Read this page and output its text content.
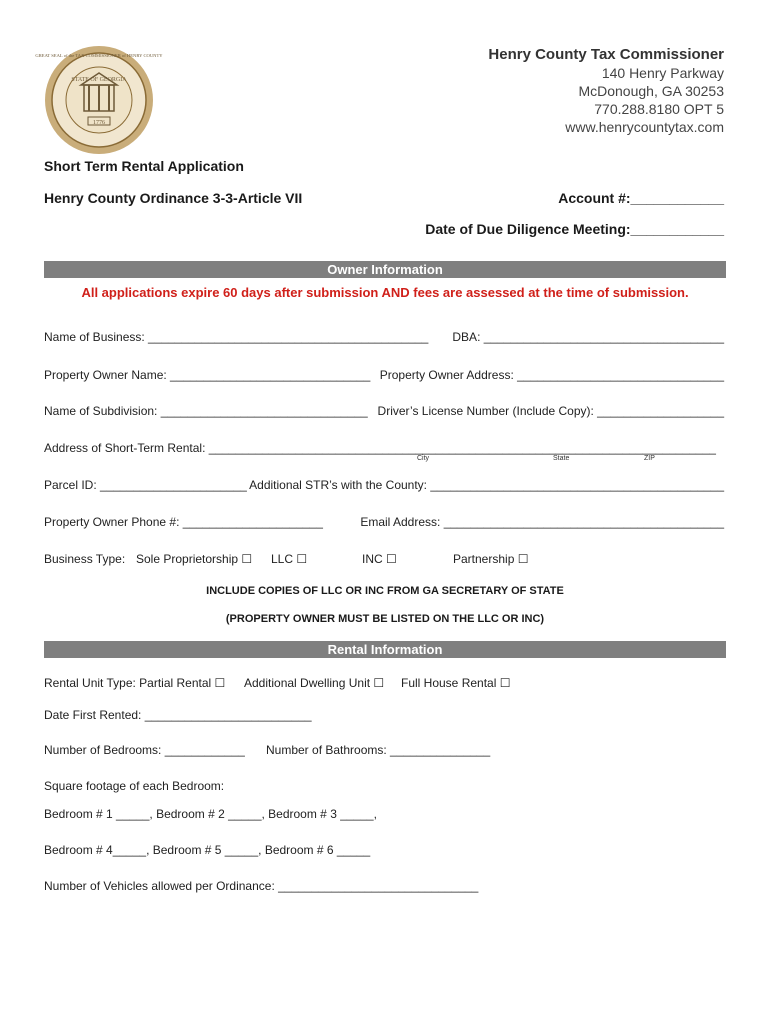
1776
STATE OF GEORGIA
GREAT SEAL of the TAX COMMISSIONER of HENRY COUNTY	Henry County Tax Commissioner
140 Henry Parkway
McDonough, GA 30253
770.288.8180 OPT 5
www.henrycountytax.com
Short Term Rental Application
Henry County Ordinance 3-3-Article VII	Account #:____________
Date of Due Diligence Meeting:____________
Owner Information
All applications expire 60 days after submission AND fees are assessed at the time of submission.
Name of Business: __________________________________________ DBA: ____________________________________
Property Owner Name: ______________________________ Property Owner Address: _______________________________
Name of Subdivision: _______________________________ Driver’s License Number (Include Copy): ___________________
Address of Short-Term Rental: ____________________________________________________________________________
City	State	ZIP
Parcel ID: ______________________ Additional STR’s with the County: ____________________________________________
Property Owner Phone #: _____________________	Email Address: __________________________________________
Business Type: Sole Proprietorship ☐ LLC ☐	INC ☐	Partnership ☐
INCLUDE COPIES OF LLC OR INC FROM GA SECRETARY OF STATE
(PROPERTY OWNER MUST BE LISTED ON THE LLC OR INC)
Rental Information
Rental Unit Type: Partial Rental ☐ Additional Dwelling Unit ☐ Full House Rental ☐
Date First Rented: _________________________
Number of Bedrooms: ____________ Number of Bathrooms: _______________
Square footage of each Bedroom:
Bedroom # 1 _____, Bedroom # 2 _____, Bedroom # 3 _____,
Bedroom # 4_____, Bedroom # 5 _____, Bedroom # 6 _____
Number of Vehicles allowed per Ordinance: ______________________________
